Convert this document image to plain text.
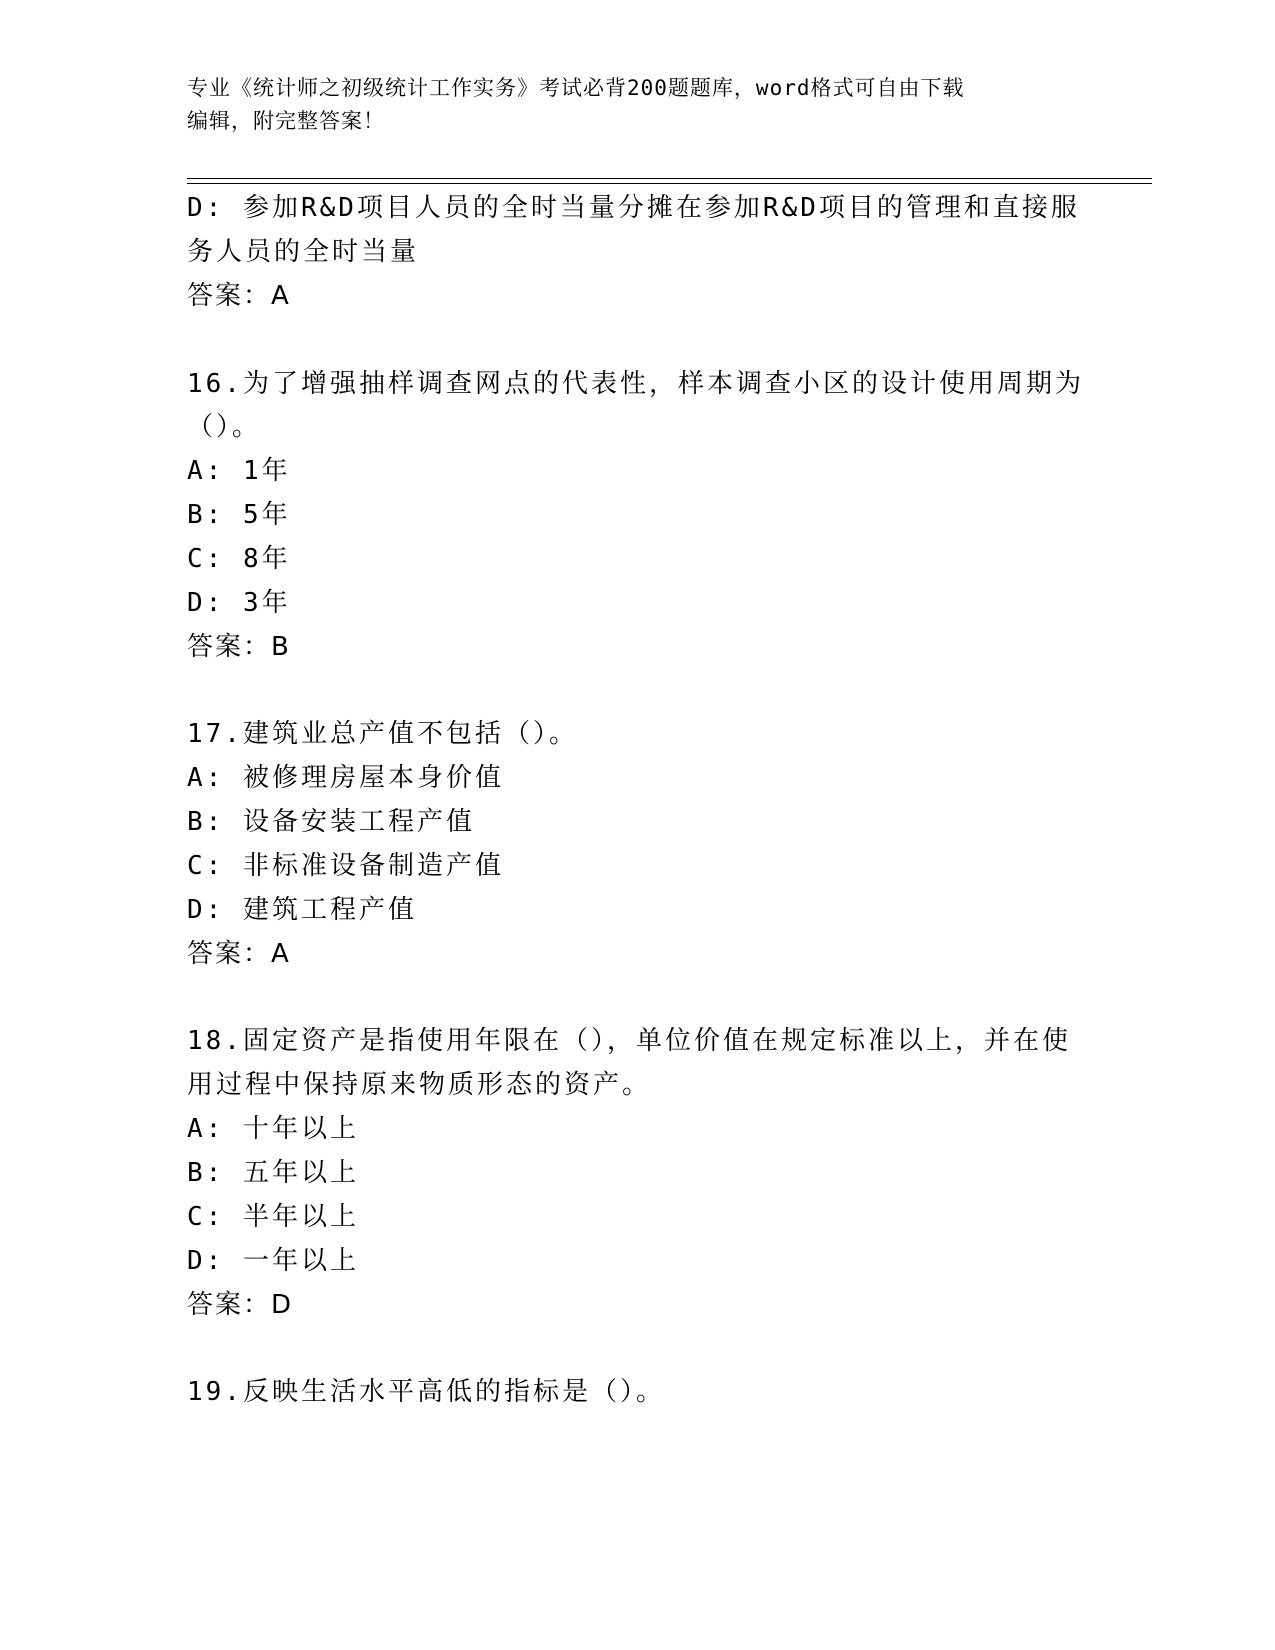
专业《统计师之初级统计工作实务》考试必背200题题库，word格式可自由下载
编辑，附完整答案！
D: 参加R&D项目人员的全时当量分摊在参加R&D项目的管理和直接服
务人员的全时当量
答案：A
16.为了增强抽样调查网点的代表性，样本调查小区的设计使用周期为
（）。
A: 1年
B: 5年
C: 8年
D: 3年
答案：B
17.建筑业总产值不包括（）。
A: 被修理房屋本身价值
B: 设备安装工程产值
C: 非标准设备制造产值
D: 建筑工程产值
答案：A
18.固定资产是指使用年限在（），单位价值在规定标准以上，并在使
用过程中保持原来物质形态的资产。
A: 十年以上
B: 五年以上
C: 半年以上
D: 一年以上
答案：D
19.反映生活水平高低的指标是（）。
